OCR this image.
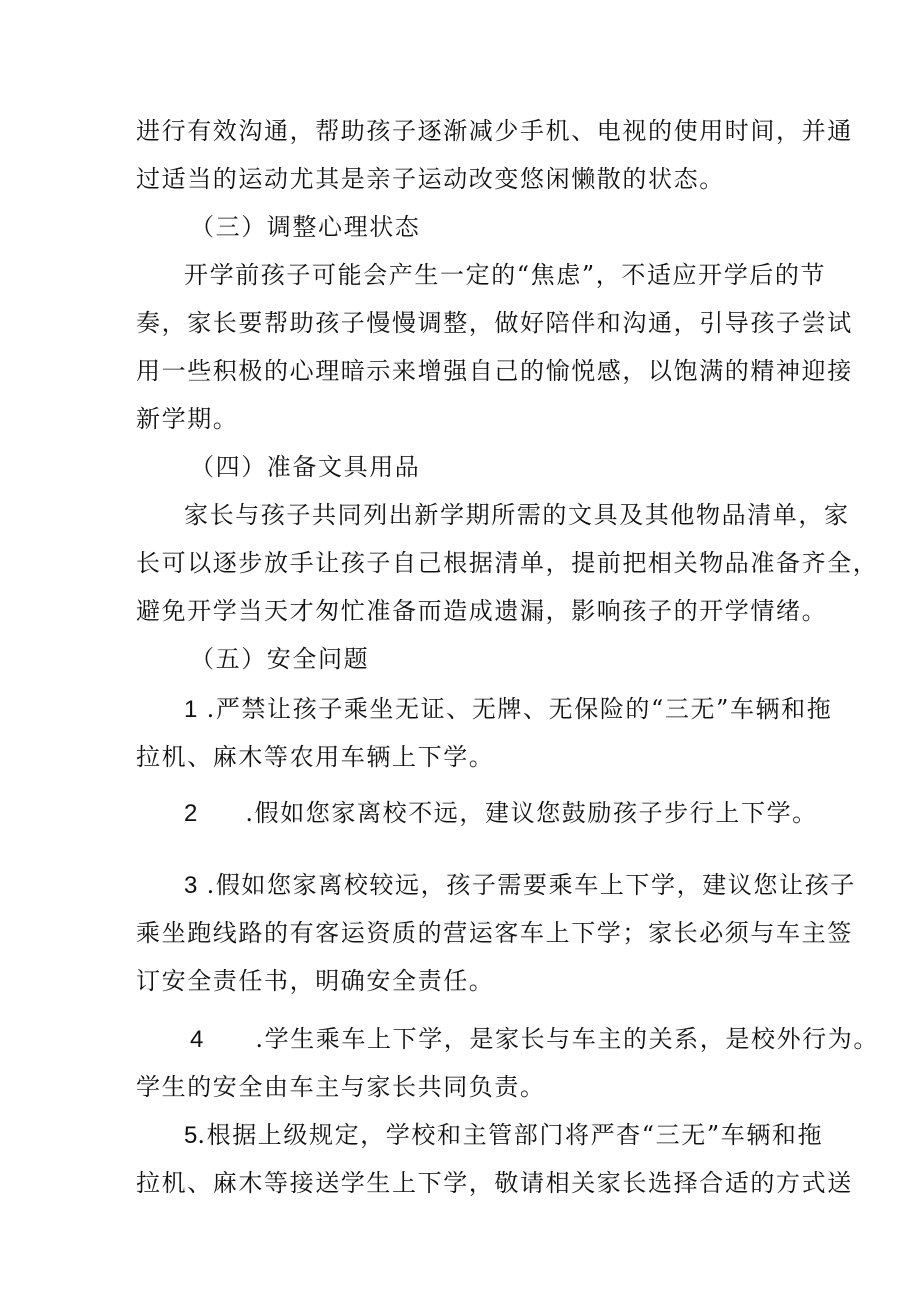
进行有效沟通，帮助孩子逐渐减少手机、电视的使用时间，并通

过适当的运动尤其是亲子运动改变悠闲懒散的状态。

（三）调整心理状态

开学前孩子可能会产生一定的“焦虑”，不适应开学后的节

奏，家长要帮助孩子慢慢调整，做好陪伴和沟通，引导孩子尝试

用一些积极的心理暗示来增强自己的愉悦感，以饱满的精神迎接

新学期。

（四）准备文具用品

家长与孩子共同列出新学期所需的文具及其他物品清单，家

长可以逐步放手让孩子自己根据清单，提前把相关物品准备齐全，

避免开学当天才匆忙准备而造成遗漏，影响孩子的开学情绪。

（五）安全问题

1 .严禁让孩子乘坐无证、无牌、无保险的“三无”车辆和拖

拉机、麻木等农用车辆上下学。

2 .假如您家离校不远，建议您鼓励孩子步行上下学。

3 .假如您家离校较远，孩子需要乘车上下学，建议您让孩子

乘坐跑线路的有客运资质的营运客车上下学；家长必须与车主签

订安全责任书，明确安全责任。

4 .学生乘车上下学，是家长与车主的关系，是校外行为。

学生的安全由车主与家长共同负责。

5.根据上级规定，学校和主管部门将严杳“三无”车辆和拖

拉机、麻木等接送学生上下学，敬请相关家长选择合适的方式送
